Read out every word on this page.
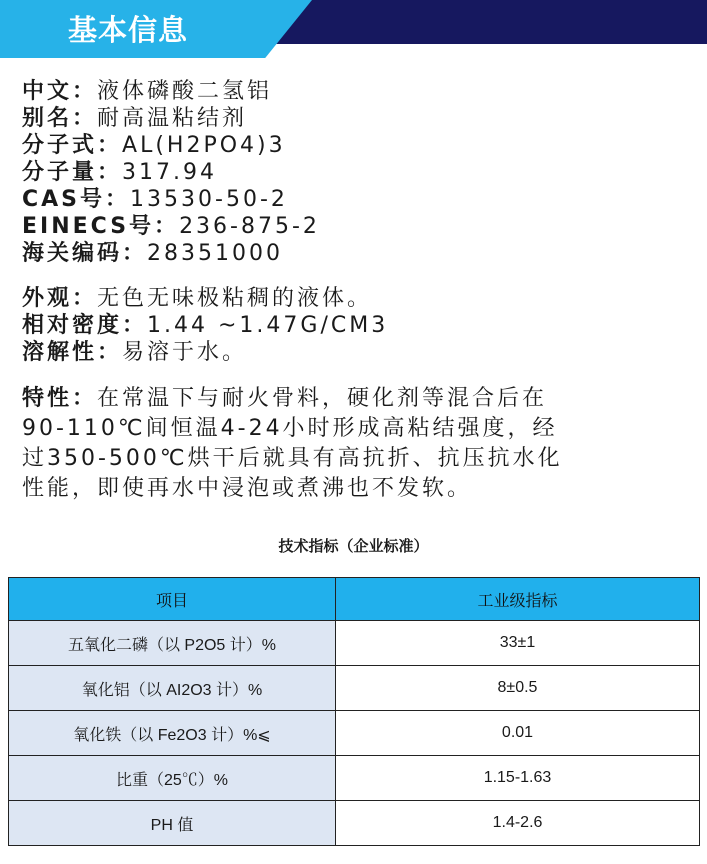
基本信息
中文：液体磷酸二氢铝
别名：耐高温粘结剂
分子式：AL(H2PO4)3
分子量：317.94
CAS号：13530-50-2
EINECS号：236-875-2
海关编码：28351000
外观：无色无味极粘稠的液体。
相对密度：1.44 ~1.47G/CM3
溶解性：易溶于水。
特性：在常温下与耐火骨料，硬化剂等混合后在
90-110℃间恒温4-24小时形成高粘结强度，经
过350-500℃烘干后就具有高抗折、抗压抗水化
性能，即使再水中浸泡或煮沸也不发软。
技术指标（企业标准）
项目	工业级指标
五氧化二磷（以 P2O5 计）%	33±1
氧化铝（以 AI2O3 计）%	8±0.5
氧化铁（以 Fe2O3 计）%⩽	0.01
比重（25℃）%	1.15-1.63
PH 值	1.4-2.6
